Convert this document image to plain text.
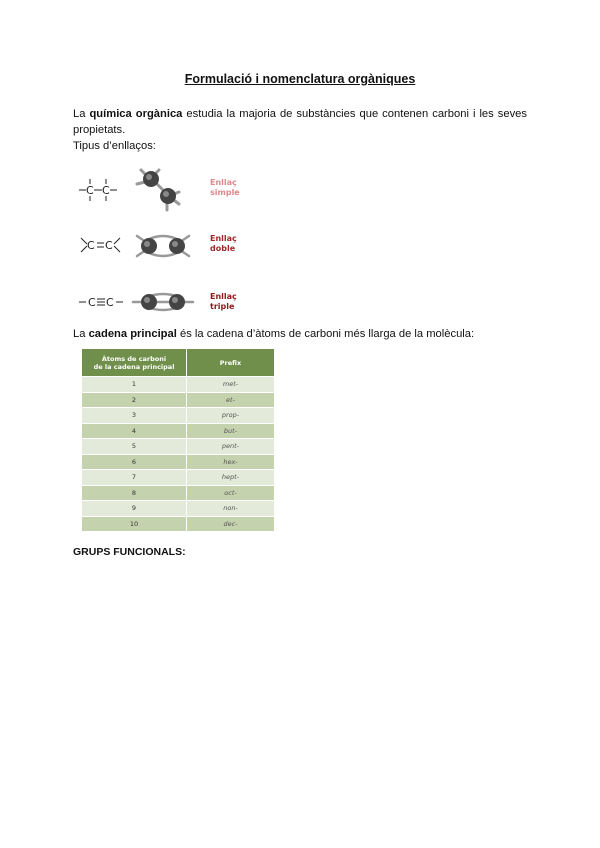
Formulació i nomenclatura orgàniques
La química orgànica estudia la majoria de substàncies que contenen carboni i les seves propietats.
Tipus d’enllaços:
C C
Enllaç
simple
C C
Enllaç
doble
C C	Enllaç
triple
La cadena principal és la cadena d’àtoms de carboni més llarga de la molècula:
Àtoms de carboni
de la cadena principal	Prefix
1	met-
2	et-
3	prop-
4	but-
5	pent-
6	hex-
7	hept-
8	oct-
9	non-
10	dec-
GRUPS FUNCIONALS:
